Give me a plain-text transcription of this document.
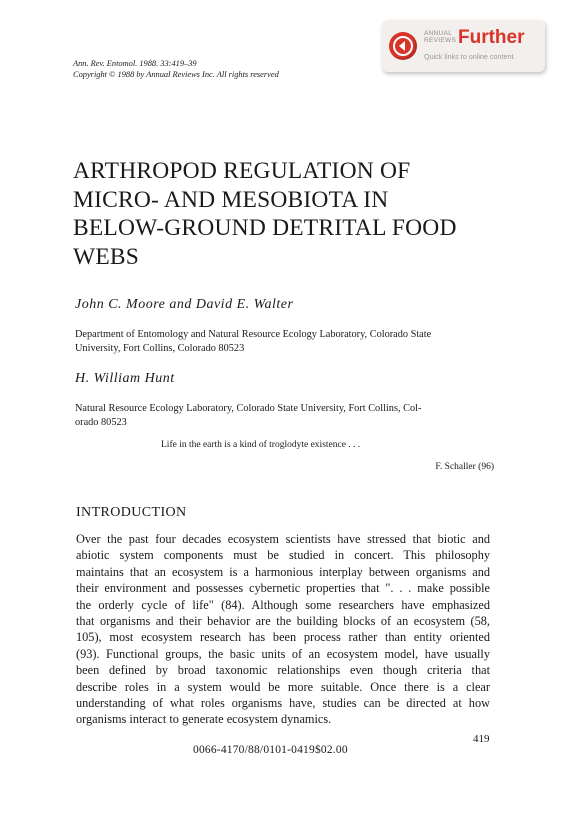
Ann. Rev. Entomol. 1988. 33:419–39
Copyright © 1988 by Annual Reviews Inc. All rights reserved
ANNUAL
REVIEWS Further
Quick links to online content
ARTHROPOD REGULATION OF
MICRO- AND MESOBIOTA IN
BELOW-GROUND DETRITAL FOOD
WEBS
John C. Moore and David E. Walter
Department of Entomology and Natural Resource Ecology Laboratory, Colorado State
University, Fort Collins, Colorado 80523
H. William Hunt
Natural Resource Ecology Laboratory, Colorado State University, Fort Collins, Col-
orado 80523
Life in the earth is a kind of troglodyte existence . . .
F. Schaller (96)
INTRODUCTION
Over the past four decades ecosystem scientists have stressed that biotic and
abiotic system components must be studied in concert. This philosophy
maintains that an ecosystem is a harmonious interplay between organisms and
their environment and possesses cybernetic properties that ". . . make possible
the orderly cycle of life" (84). Although some researchers have emphasized
that organisms and their behavior are the building blocks of an ecosystem (58,
105), most ecosystem research has been process rather than entity oriented
(93). Functional groups, the basic units of an ecosystem model, have usually
been defined by broad taxonomic relationships even though criteria that
describe roles in a system would be more suitable. Once there is a clear
understanding of what roles organisms have, studies can be directed at how
organisms interact to generate ecosystem dynamics.
419
0066-4170/88/0101-0419$02.00
